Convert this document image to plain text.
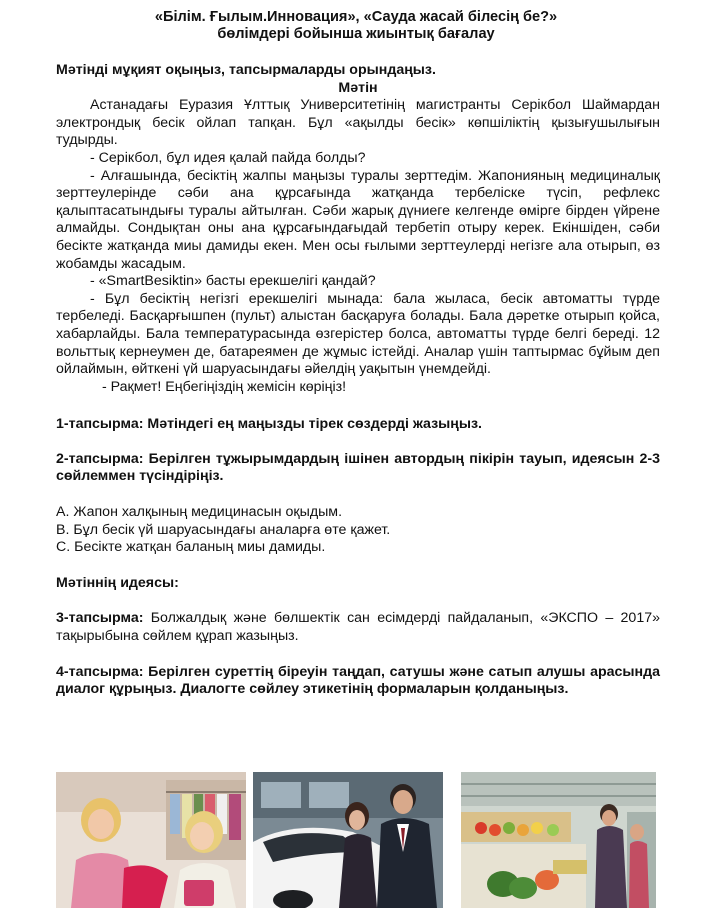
«Білім. Ғылым.Инновация», «Сауда жасай білесің бе?»
бөлімдері бойынша жиынтық бағалау
Мәтінді мұқият оқыңыз, тапсырмаларды орындаңыз.
Мәтін
Астанадағы Еуразия Ұлттық Университетінің магистранты Серікбол Шаймардан электрондық бесік ойлап тапқан. Бұл «ақылды бесік» көпшіліктің қызығушылығын тудырды.
- Серікбол, бұл идея қалай пайда болды?
- Алғашында, бесіктің жалпы маңызы туралы зерттедім. Жапонияның медициналық зерттеулерінде сәби ана құрсағында жатқанда тербеліске түсіп, рефлекс қалыптасатындығы туралы айтылған. Сәби жарық дүниеге келгенде өмірге бірден үйрене алмайды. Сондықтан оны ана құрсағындағыдай тербетіп отыру керек. Екіншіден, сәби бесікте жатқанда миы дамиды екен. Мен осы ғылыми зерттеулерді негізге ала отырып, өз жобамды жасадым.
- «SmartBesiktin» басты ерекшелігі қандай?
- Бұл бесіктің негізгі ерекшелігі мынада: бала жыласа, бесік автоматты түрде тербеледі. Басқарғышпен (пульт) алыстан басқаруға болады. Бала дәретке отырып қойса, хабарлайды. Бала температурасында өзгерістер болса, автоматты түрде белгі береді. 12 вольттық кернеумен де, батареямен де жұмыс істейді. Аналар үшін таптырмас бұйым деп ойлаймын, өйткені үй шаруасындағы әйелдің уақытын үнемдейді.
- Рақмет! Еңбегіңіздің жемісін көріңіз!
1-тапсырма: Мәтіндегі ең маңызды тірек сөздерді жазыңыз.
2-тапсырма: Берілген тұжырымдардың ішінен автордың пікірін тауып, идеясын 2-3 сөйлеммен түсіндіріңіз.
А. Жапон халқының медицинасын оқыдым.
В. Бұл бесік үй шаруасындағы аналарға өте қажет.
С. Бесікте жатқан баланың миы дамиды.
Мәтіннің идеясы:
3-тапсырма: Болжалдық және бөлшектік сан есімдерді пайдаланып, «ЭКСПО – 2017» тақырыбына сөйлем құрап жазыңыз.
4-тапсырма: Берілген суреттің біреуін таңдап, сатушы және сатып алушы арасында диалог құрыңыз. Диалогте сөйлеу этикетінің формаларын қолданыңыз.
